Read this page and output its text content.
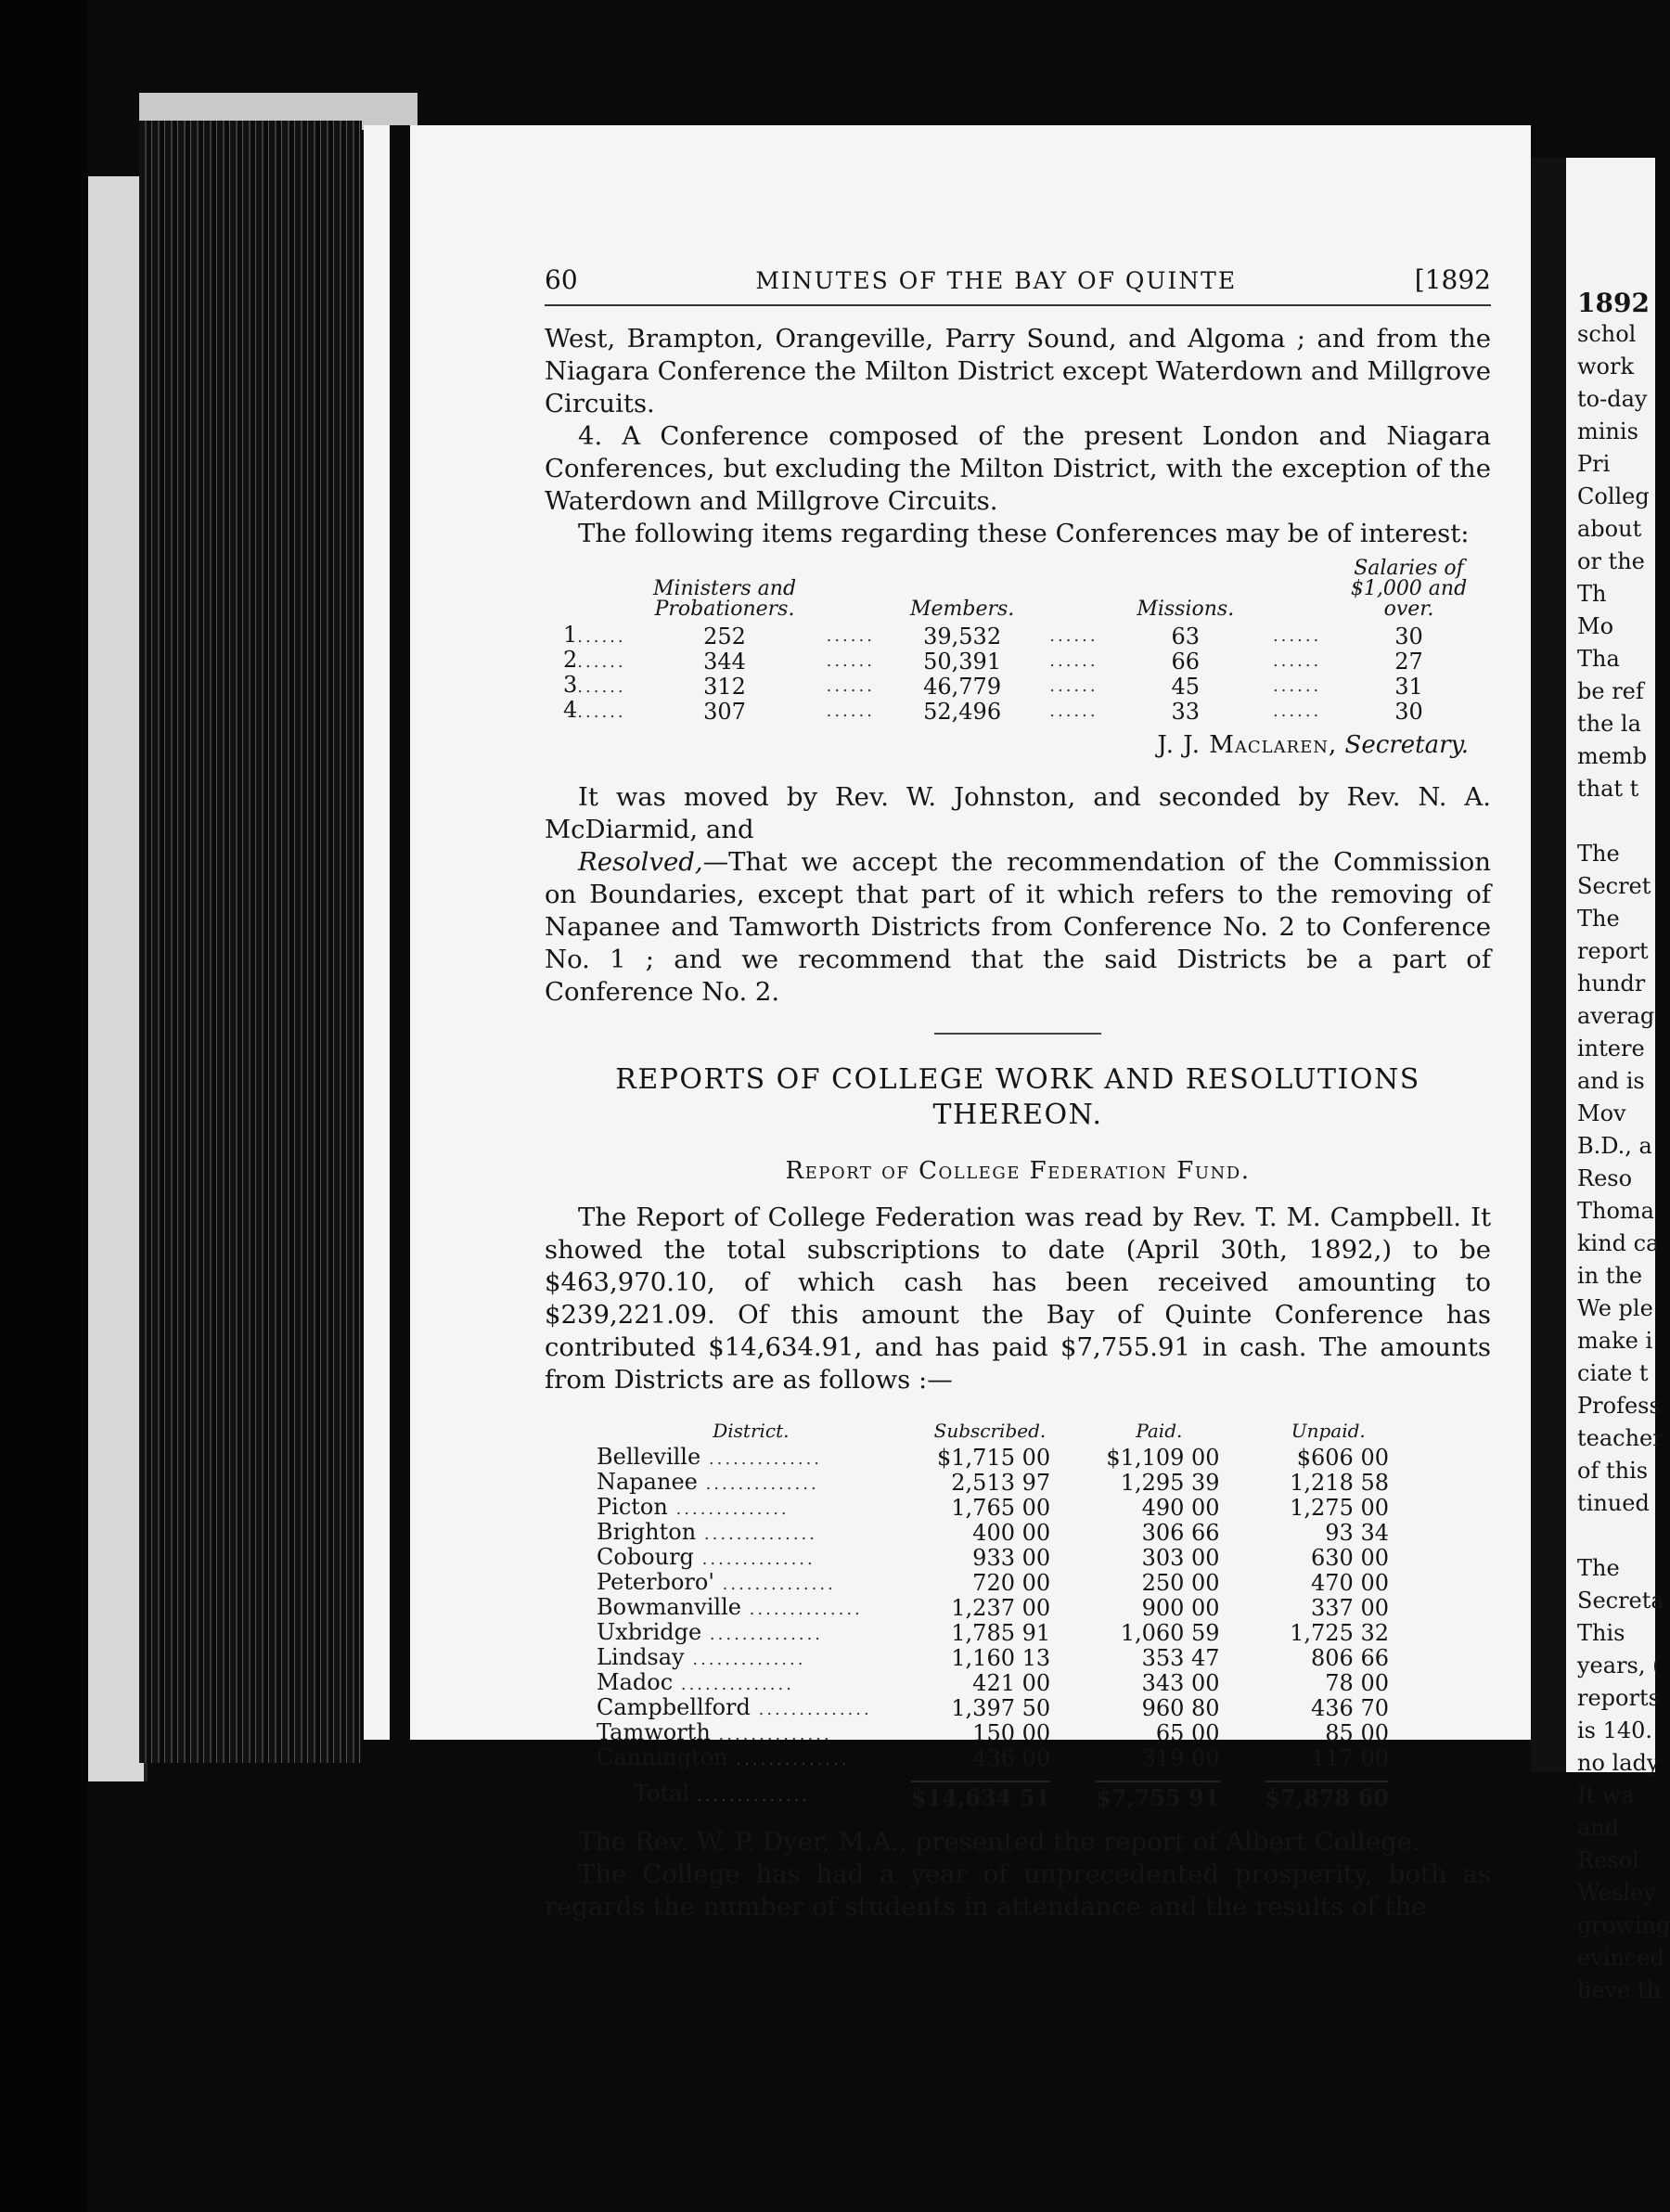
60	MINUTES OF THE BAY OF QUINTE	[1892

West, Brampton, Orangeville, Parry Sound, and Algoma ; and from the Niagara Conference the Milton District except Waterdown and Millgrove Circuits.

4. A Conference composed of the present London and Niagara Conferences, but excluding the Milton District, with the exception of the Waterdown and Millgrove Circuits.

The following items regarding these Conferences may be of interest:

	Ministers and Probationers.		Members.		Missions.		Salaries of $1,000 and over.
1......	252	......	39,532	......	63	......	30
2......	344	......	50,391	......	66	......	27
3......	312	......	46,779	......	45	......	31
4......	307	......	52,496	......	33	......	30
J. J. Maclaren, Secretary.

It was moved by Rev. W. Johnston, and seconded by Rev. N. A. McDiarmid, and

Resolved,—That we accept the recommendation of the Commission on Boundaries, except that part of it which refers to the removing of Napanee and Tamworth Districts from Conference No. 2 to Conference No. 1 ; and we recommend that the said Districts be a part of Conference No. 2.

REPORTS OF COLLEGE WORK AND RESOLUTIONS THEREON.
Report of College Federation Fund.

The Report of College Federation was read by Rev. T. M. Campbell. It showed the total subscriptions to date (April 30th, 1892,) to be $463,970.10, of which cash has been received amounting to $239,221.09. Of this amount the Bay of Quinte Conference has contributed $14,634.91, and has paid $7,755.91 in cash. The amounts from Districts are as follows :—

District.	Subscribed.	Paid.	Unpaid.
Belleville ..............	$1,715 00	$1,109 00	$606 00
Napanee ..............	2,513 97	1,295 39	1,218 58
Picton ..............	1,765 00	490 00	1,275 00
Brighton ..............	400 00	306 66	93 34
Cobourg ..............	933 00	303 00	630 00
Peterboro' ..............	720 00	250 00	470 00
Bowmanville ..............	1,237 00	900 00	337 00
Uxbridge ..............	1,785 91	1,060 59	1,725 32
Lindsay ..............	1,160 13	353 47	806 66
Madoc ..............	421 00	343 00	78 00
Campbellford ..............	1,397 50	960 80	436 70
Tamworth ..............	150 00	65 00	85 00
Cannington ..............	436 00	319 00	117 00
Total ..............	$14,634 51	$7,755 91	$7,878 60

The Rev. W. P. Dyer, M.A., presented the report of Albert College.

The College has had a year of unprecedented prosperity, both as regards the number of students in attendance and the results of the

1892
schol
work
to-day
minis
Pri
Colleg
about
or the
Th
Mo
Tha
be ref
the la
memb
that t
The
Secret
The
report
hundr
averag
intere
and is
Mov
B.D., a
Reso
Thoma
kind ca
in the
We ple
make i
ciate t
Profess
teacher
of this
tinued
The
Secreta
This
years, (
reports
is 140.
no lady
It wa
and
Resol
Wesley
growing
evinced
lieve th
